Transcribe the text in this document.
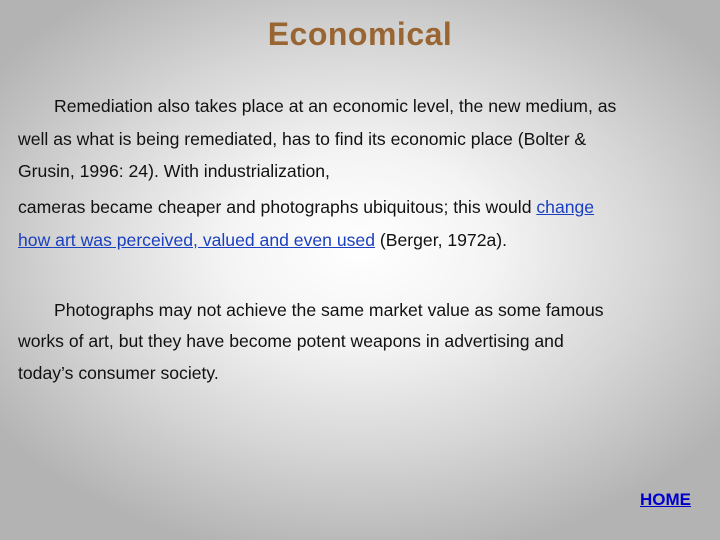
Economical
Remediation also takes place at an economic level, the new medium, as
well as what is being remediated, has to find its economic place (Bolter &
Grusin, 1996: 24). With industrialization,
cameras became cheaper and photographs ubiquitous; this would change
how art was perceived, valued and even used (Berger, 1972a).
Photographs may not achieve the same market value as some famous
works of art, but they have become potent weapons in advertising and
today’s consumer society.
HOME
